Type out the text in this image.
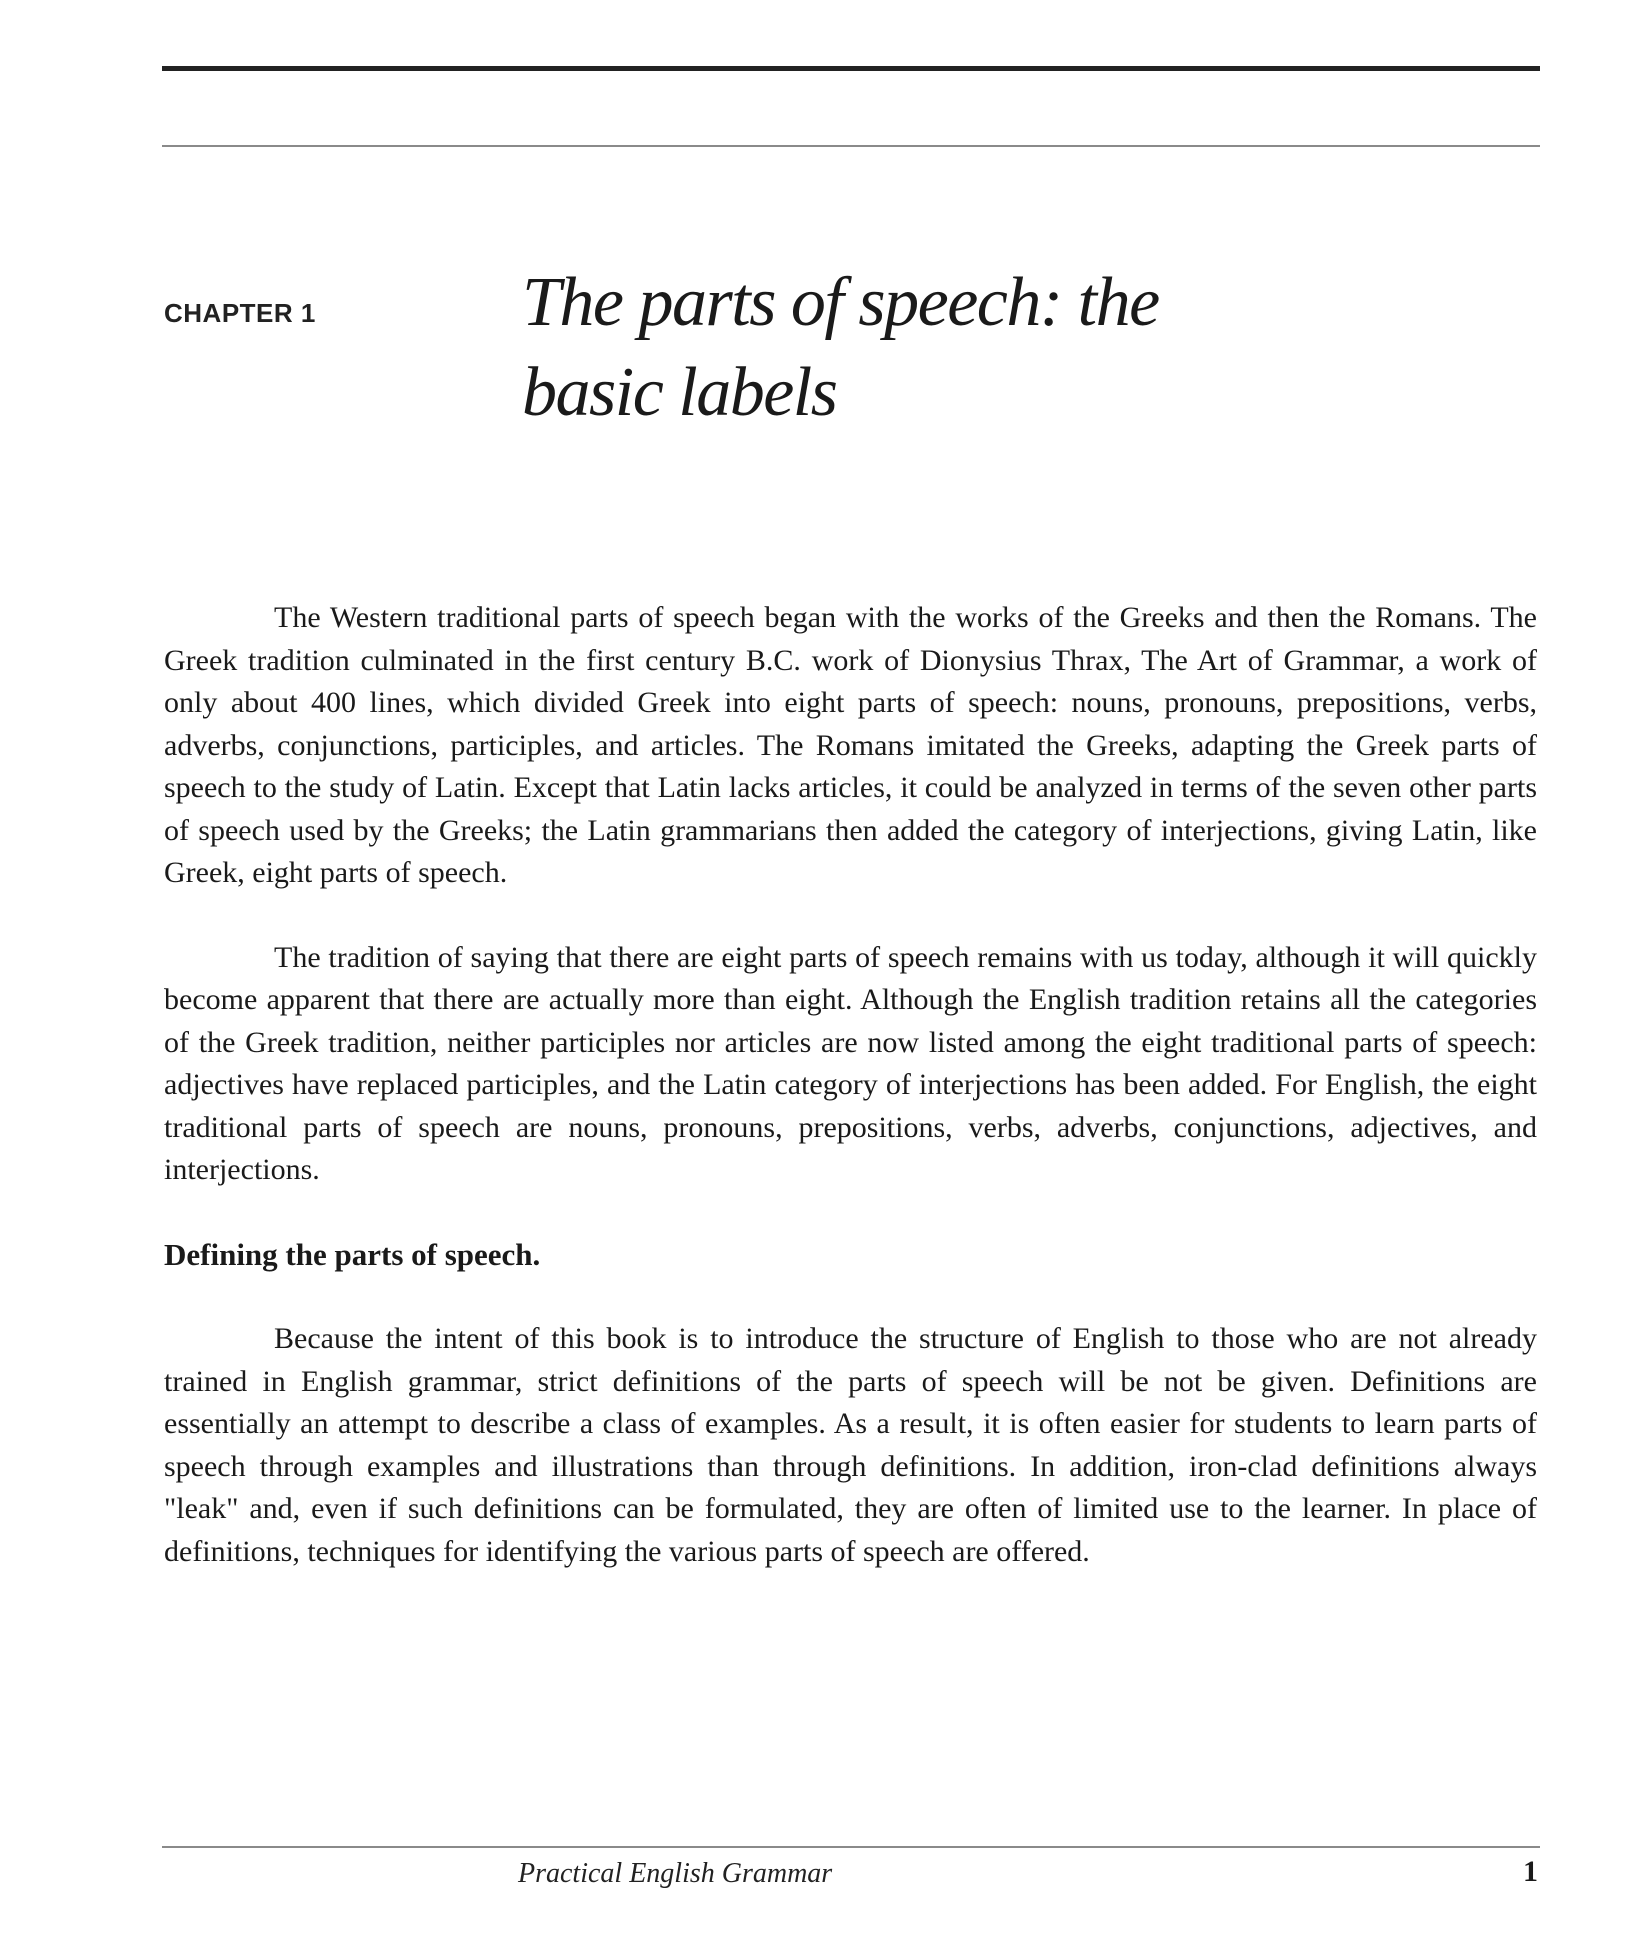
CHAPTER 1	The parts of speech: the
basic labels

The Western traditional parts of speech began with the works of the Greeks and then the Romans. The Greek tradition culminated in the first century B.C. work of Dionysius Thrax, The Art of Grammar, a work of only about 400 lines, which divided Greek into eight parts of speech: nouns, pronouns, prepositions, verbs, adverbs, conjunctions, participles, and articles. The Romans imitated the Greeks, adapting the Greek parts of speech to the study of Latin. Except that Latin lacks articles, it could be analyzed in terms of the seven other parts of speech used by the Greeks; the Latin grammarians then added the category of interjections, giving Latin, like Greek, eight parts of speech.

The tradition of saying that there are eight parts of speech remains with us today, although it will quickly become apparent that there are actually more than eight. Although the English tradition retains all the categories of the Greek tradition, neither participles nor articles are now listed among the eight traditional parts of speech: adjectives have replaced participles, and the Latin category of interjections has been added. For English, the eight traditional parts of speech are nouns, pronouns, prepositions, verbs, adverbs, conjunctions, adjectives, and interjections.

Defining the parts of speech.

Because the intent of this book is to introduce the structure of English to those who are not already trained in English grammar, strict definitions of the parts of speech will be not be given. Definitions are essentially an attempt to describe a class of examples. As a result, it is often easier for students to learn parts of speech through examples and illustrations than through definitions. In addition, iron-clad definitions always "leak" and, even if such definitions can be formulated, they are often of limited use to the learner. In place of definitions, techniques for identifying the various parts of speech are offered.

Practical English Grammar	1
